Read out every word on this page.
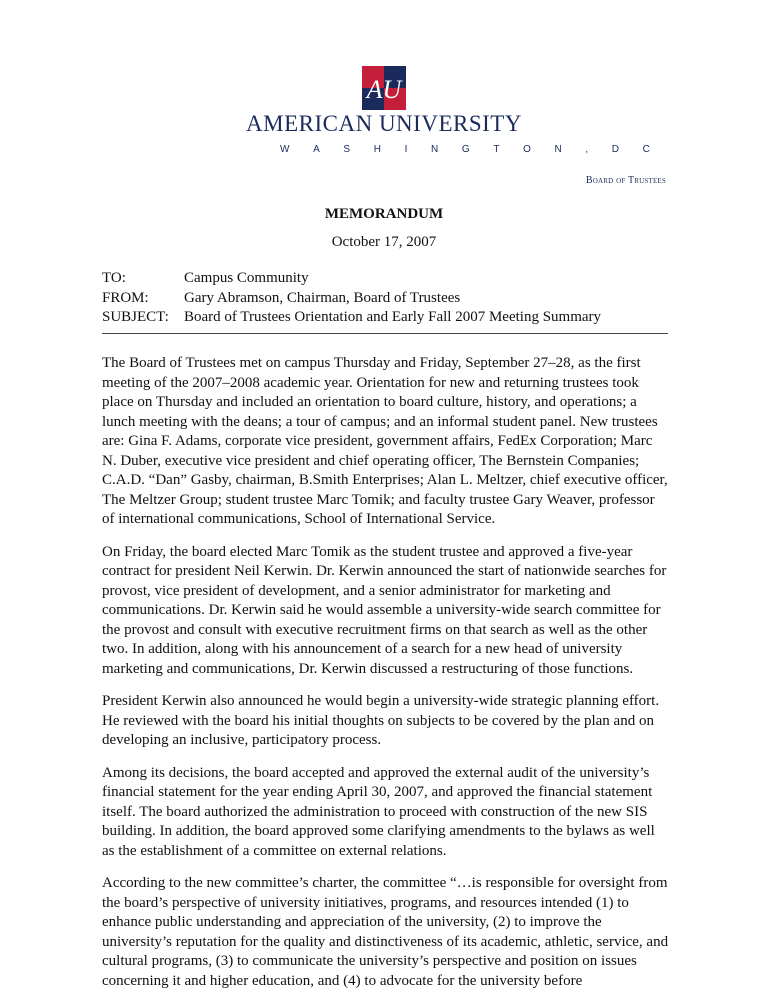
AU
AMERICAN UNIVERSITY
W A S H I N G T O N , D C
Board of Trustees
MEMORANDUM
October 17, 2007
TO:	Campus Community
FROM:	Gary Abramson, Chairman, Board of Trustees
SUBJECT:	Board of Trustees Orientation and Early Fall 2007 Meeting Summary

The Board of Trustees met on campus Thursday and Friday, September 27–28, as the first meeting of the 2007–2008 academic year. Orientation for new and returning trustees took place on Thursday and included an orientation to board culture, history, and operations; a lunch meeting with the deans; a tour of campus; and an informal student panel. New trustees are: Gina F. Adams, corporate vice president, government affairs, FedEx Corporation; Marc N. Duber, executive vice president and chief operating officer, The Bernstein Companies; C.A.D. “Dan” Gasby, chairman, B.Smith Enterprises; Alan L. Meltzer, chief executive officer, The Meltzer Group; student trustee Marc Tomik; and faculty trustee Gary Weaver, professor of international communications, School of International Service.

On Friday, the board elected Marc Tomik as the student trustee and approved a five-year contract for president Neil Kerwin. Dr. Kerwin announced the start of nationwide searches for provost, vice president of development, and a senior administrator for marketing and communications. Dr. Kerwin said he would assemble a university-wide search committee for the provost and consult with executive recruitment firms on that search as well as the other two. In addition, along with his announcement of a search for a new head of university marketing and communications, Dr. Kerwin discussed a restructuring of those functions.

President Kerwin also announced he would begin a university-wide strategic planning effort. He reviewed with the board his initial thoughts on subjects to be covered by the plan and on developing an inclusive, participatory process.

Among its decisions, the board accepted and approved the external audit of the university’s financial statement for the year ending April 30, 2007, and approved the financial statement itself. The board authorized the administration to proceed with construction of the new SIS building. In addition, the board approved some clarifying amendments to the bylaws as well as the establishment of a committee on external relations.

According to the new committee’s charter, the committee “…is responsible for oversight from the board’s perspective of university initiatives, programs, and resources intended (1) to enhance public understanding and appreciation of the university, (2) to improve the university’s reputation for the quality and distinctiveness of its academic, athletic, service, and cultural programs, (3) to communicate the university’s perspective and position on issues concerning it and higher education, and (4) to advocate for the university before
